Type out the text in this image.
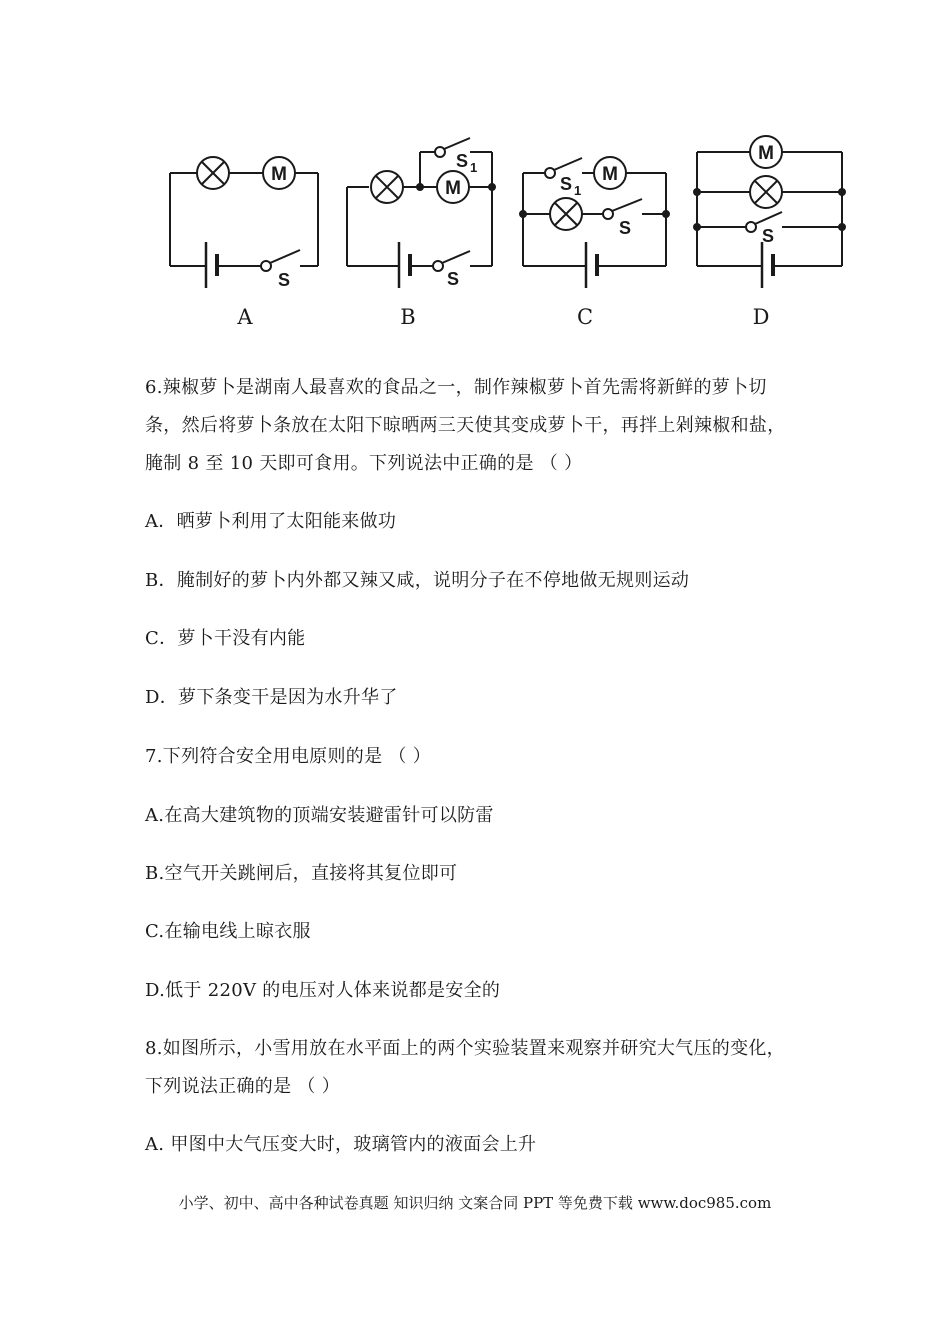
M
S
M
S 1
S
S 1
M
S
M
S
A	B	C	D
6.辣椒萝卜是湖南人最喜欢的食品之一，制作辣椒萝卜首先需将新鲜的萝卜切
条，然后将萝卜条放在太阳下晾晒两三天使其变成萝卜干，再拌上剁辣椒和盐，
腌制 8 至 10 天即可食用。下列说法中正确的是 （ ）
A．晒萝卜利用了太阳能来做功
B．腌制好的萝卜内外都又辣又咸，说明分子在不停地做无规则运动
C．萝卜干没有内能
D．萝下条变干是因为水升华了
7.下列符合安全用电原则的是 （ ）
A.在高大建筑物的顶端安装避雷针可以防雷
B.空气开关跳闸后，直接将其复位即可
C.在输电线上晾衣服
D.低于 220V 的电压对人体来说都是安全的
8.如图所示，小雪用放在水平面上的两个实验装置来观察并研究大气压的变化，
下列说法正确的是 （ ）
A. 甲图中大气压变大时，玻璃管内的液面会上升
小学、初中、高中各种试卷真题 知识归纳 文案合同 PPT 等免费下载 www.doc985.com
